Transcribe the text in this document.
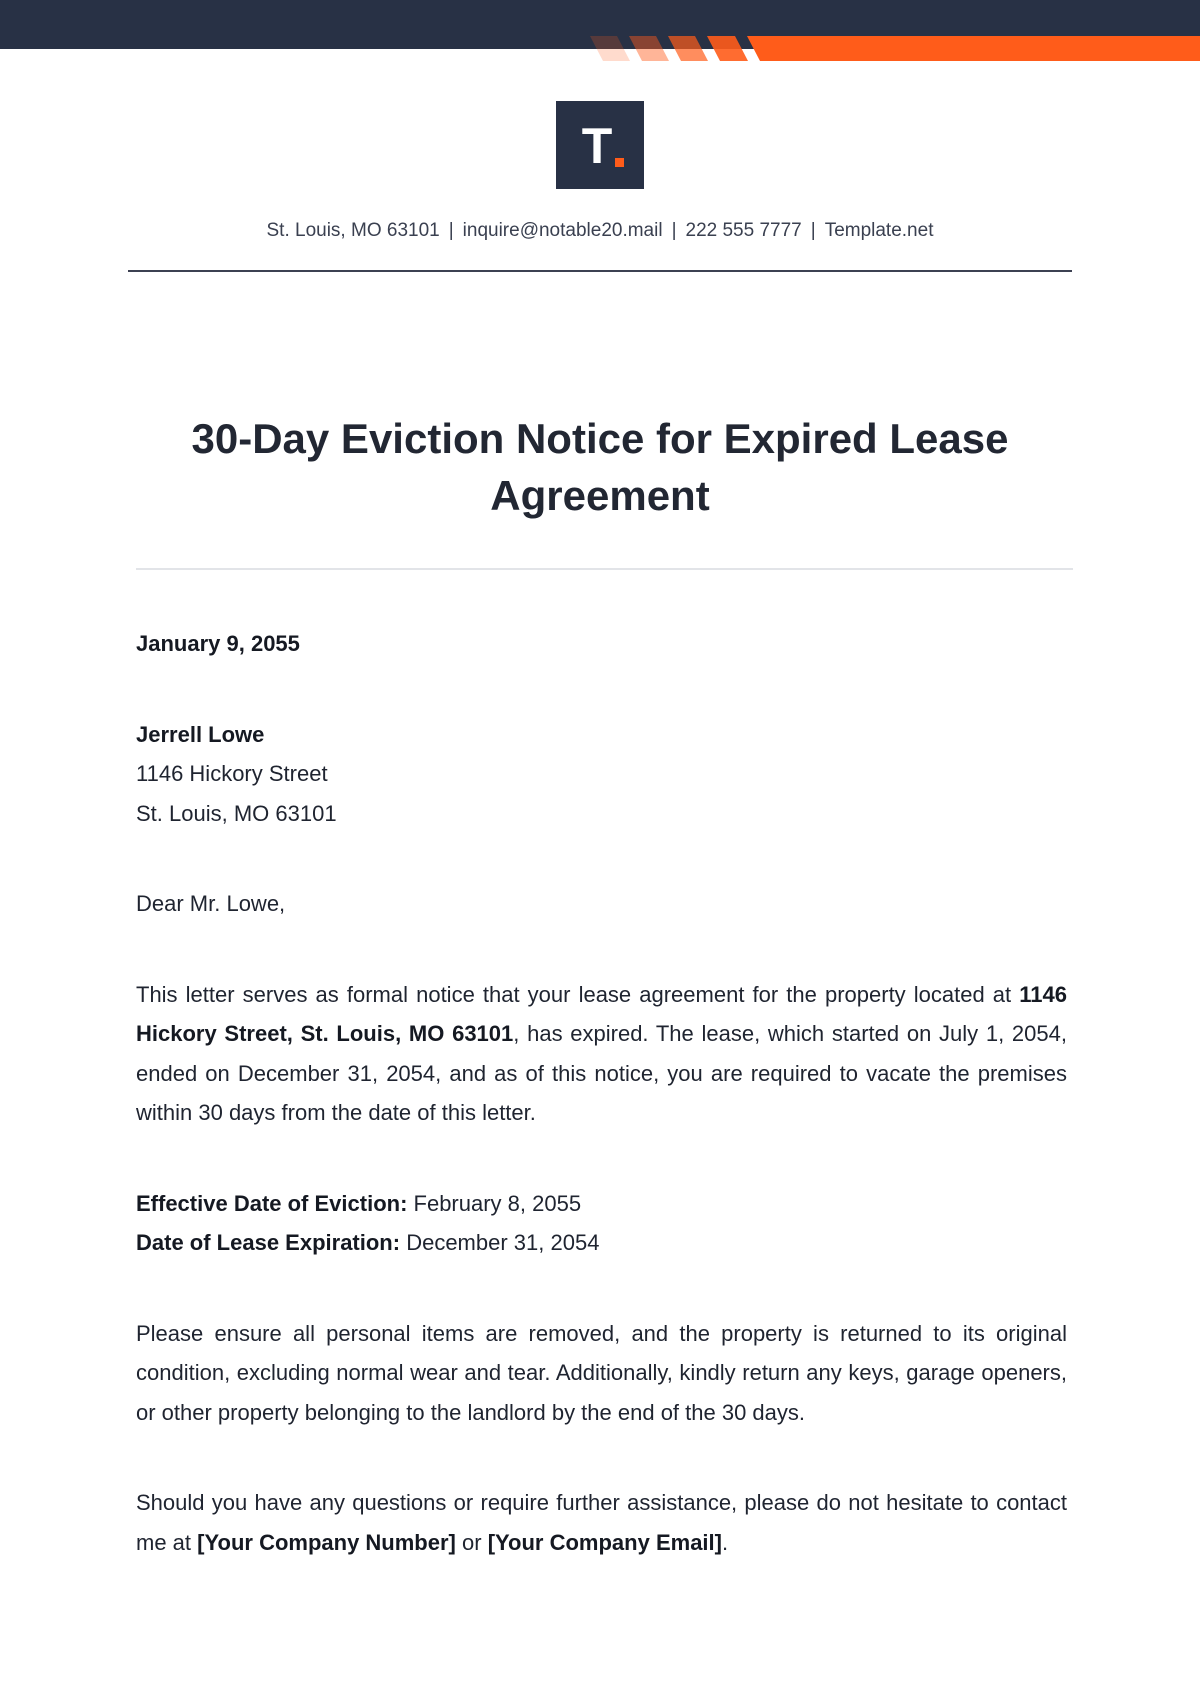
T
St. Louis, MO 63101 | inquire@notable20.mail | 222 555 7777 | Template.net
30-Day Eviction Notice for Expired Lease Agreement

January 9, 2055

Jerrell Lowe

1146 Hickory Street

St. Louis, MO 63101

Dear Mr. Lowe,

This letter serves as formal notice that your lease agreement for the property located at 1146 Hickory Street, St. Louis, MO 63101, has expired. The lease, which started on July 1, 2054, ended on December 31, 2054, and as of this notice, you are required to vacate the premises within 30 days from the date of this letter.

Effective Date of Eviction: February 8, 2055

Date of Lease Expiration: December 31, 2054

Please ensure all personal items are removed, and the property is returned to its original condition, excluding normal wear and tear. Additionally, kindly return any keys, garage openers, or other property belonging to the landlord by the end of the 30 days.

Should you have any questions or require further assistance, please do not hesitate to contact me at [Your Company Number] or [Your Company Email].
